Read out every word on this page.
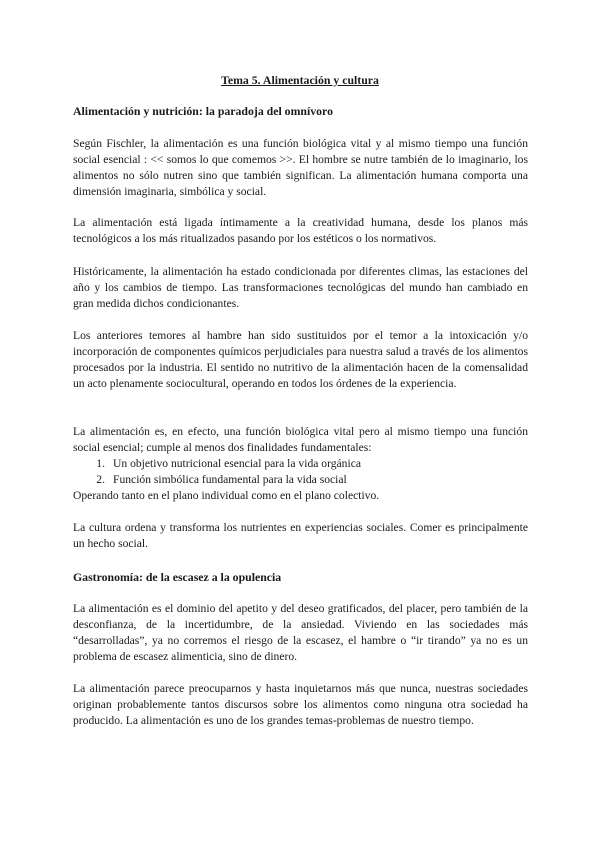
Tema 5. Alimentación y cultura
Alimentación y nutrición: la paradoja del omnívoro

Según Fischler, la alimentación es una función biológica vital y al mismo tiempo una función social esencial : << somos lo que comemos >>. El hombre se nutre también de lo imaginario, los alimentos no sólo nutren sino que también significan. La alimentación humana comporta una dimensión imaginaria, simbólica y social.

La alimentación está ligada íntimamente a la creatividad humana, desde los planos más tecnológicos a los más ritualizados pasando por los estéticos o los normativos.

Históricamente, la alimentación ha estado condicionada por diferentes climas, las estaciones del año y los cambios de tiempo. Las transformaciones tecnológicas del mundo han cambiado en gran medida dichos condicionantes.

Los anteriores temores al hambre han sido sustituidos por el temor a la intoxicación y/o incorporación de componentes químicos perjudiciales para nuestra salud a través de los alimentos procesados por la industria. El sentido no nutritivo de la alimentación hacen de la comensalidad un acto plenamente sociocultural, operando en todos los órdenes de la experiencia.

La alimentación es, en efecto, una función biológica vital pero al mismo tiempo una función social esencial; cumple al menos dos finalidades fundamentales:

1. Un objetivo nutricional esencial para la vida orgánica
2. Función simbólica fundamental para la vida social

Operando tanto en el plano individual como en el plano colectivo.

La cultura ordena y transforma los nutrientes en experiencias sociales. Comer es principalmente un hecho social.

Gastronomía: de la escasez a la opulencia

La alimentación es el dominio del apetito y del deseo gratificados, del placer, pero también de la desconfianza, de la incertidumbre, de la ansiedad. Viviendo en las sociedades más “desarrolladas”, ya no corremos el riesgo de la escasez, el hambre o “ir tirando” ya no es un problema de escasez alimenticia, sino de dinero.

La alimentación parece preocuparnos y hasta inquietarnos más que nunca, nuestras sociedades originan probablemente tantos discursos sobre los alimentos como ninguna otra sociedad ha producido. La alimentación es uno de los grandes temas-problemas de nuestro tiempo.
